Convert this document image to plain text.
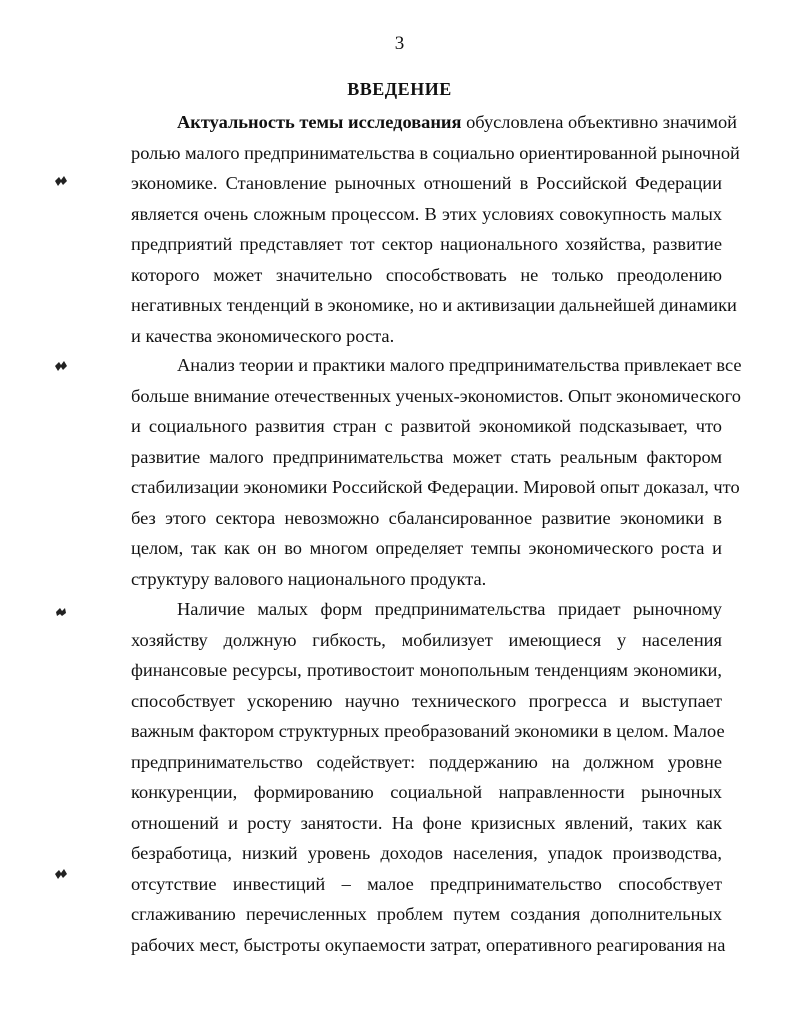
3
ВВЕДЕНИЕ
Актуальность темы исследования обусловлена объективно значимой
ролью малого предпринимательства в социально ориентированной рыночной
экономике. Становление рыночных отношений в Российской Федерации
является очень сложным процессом. В этих условиях совокупность малых
предприятий представляет тот сектор национального хозяйства, развитие
которого может значительно способствовать не только преодолению
негативных тенденций в экономике, но и активизации дальнейшей динамики
и качества экономического роста.
Анализ теории и практики малого предпринимательства привлекает все
больше внимание отечественных ученых-экономистов. Опыт экономического
и социального развития стран с развитой экономикой подсказывает, что
развитие малого предпринимательства может стать реальным фактором
стабилизации экономики Российской Федерации. Мировой опыт доказал, что
без этого сектора невозможно сбалансированное развитие экономики в
целом, так как он во многом определяет темпы экономического роста и
структуру валового национального продукта.
Наличие малых форм предпринимательства придает рыночному
хозяйству должную гибкость, мобилизует имеющиеся у населения
финансовые ресурсы, противостоит монопольным тенденциям экономики,
способствует ускорению научно технического прогресса и выступает
важным фактором структурных преобразований экономики в целом. Малое
предпринимательство содействует: поддержанию на должном уровне
конкуренции, формированию социальной направленности рыночных
отношений и росту занятости. На фоне кризисных явлений, таких как
безработица, низкий уровень доходов населения, упадок производства,
отсутствие инвестиций – малое предпринимательство способствует
сглаживанию перечисленных проблем путем создания дополнительных
рабочих мест, быстроты окупаемости затрат, оперативного реагирования на
